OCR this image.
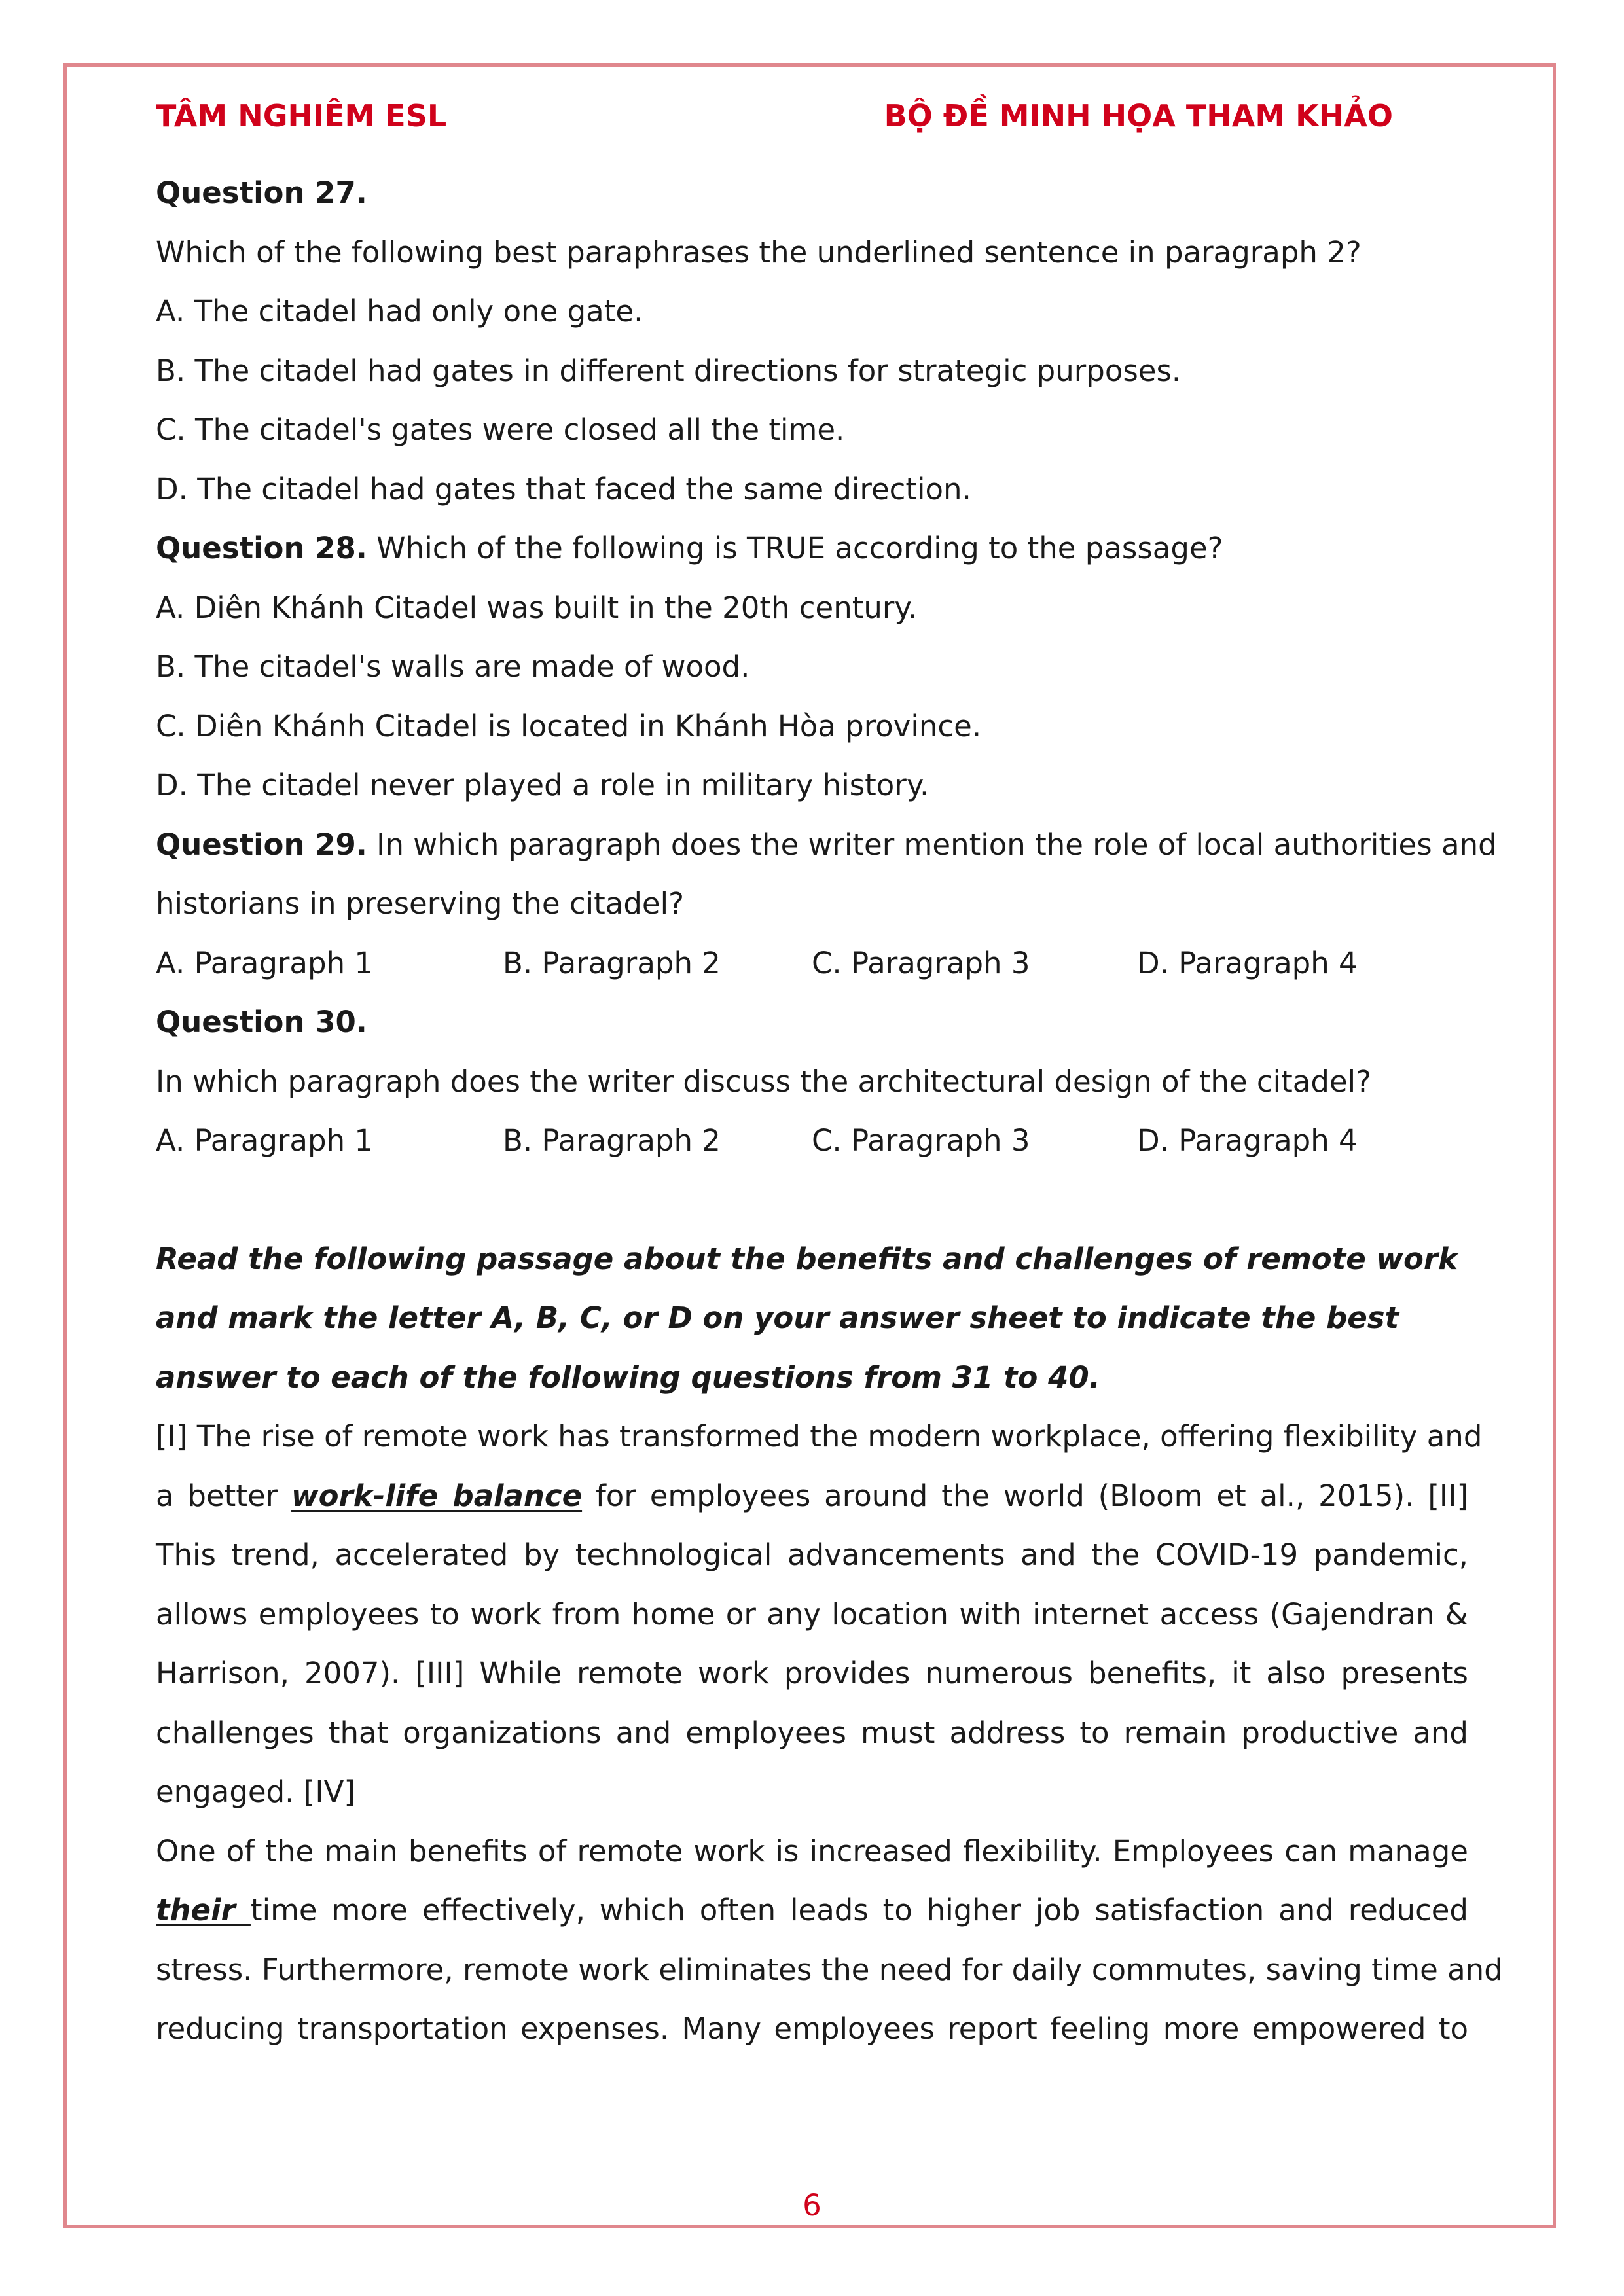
TÂM NGHIÊM ESL	BỘ ĐỀ MINH HỌA THAM KHẢO
Question 27.
Which of the following best paraphrases the underlined sentence in paragraph 2?
A. The citadel had only one gate.
B. The citadel had gates in different directions for strategic purposes.
C. The citadel's gates were closed all the time.
D. The citadel had gates that faced the same direction.
Question 28. Which of the following is TRUE according to the passage?
A. Diên Khánh Citadel was built in the 20th century.
B. The citadel's walls are made of wood.
C. Diên Khánh Citadel is located in Khánh Hòa province.
D. The citadel never played a role in military history.
Question 29. In which paragraph does the writer mention the role of local authorities and
historians in preserving the citadel?
A. Paragraph 1	B. Paragraph 2	C. Paragraph 3	D. Paragraph 4
Question 30.
In which paragraph does the writer discuss the architectural design of the citadel?
A. Paragraph 1	B. Paragraph 2	C. Paragraph 3	D. Paragraph 4
Read the following passage about the benefits and challenges of remote work
and mark the letter A, B, C, or D on your answer sheet to indicate the best
answer to each of the following questions from 31 to 40.
[I] The rise of remote work has transformed the modern workplace, offering flexibility and
a better work-life balance for employees around the world (Bloom et al., 2015). [II]
This trend, accelerated by technological advancements and the COVID-19 pandemic,
allows employees to work from home or any location with internet access (Gajendran &
Harrison, 2007). [III] While remote work provides numerous benefits, it also presents
challenges that organizations and employees must address to remain productive and
engaged. [IV]
One of the main benefits of remote work is increased flexibility. Employees can manage
their time more effectively, which often leads to higher job satisfaction and reduced
stress. Furthermore, remote work eliminates the need for daily commutes, saving time and
reducing transportation expenses. Many employees report feeling more empowered to
6
